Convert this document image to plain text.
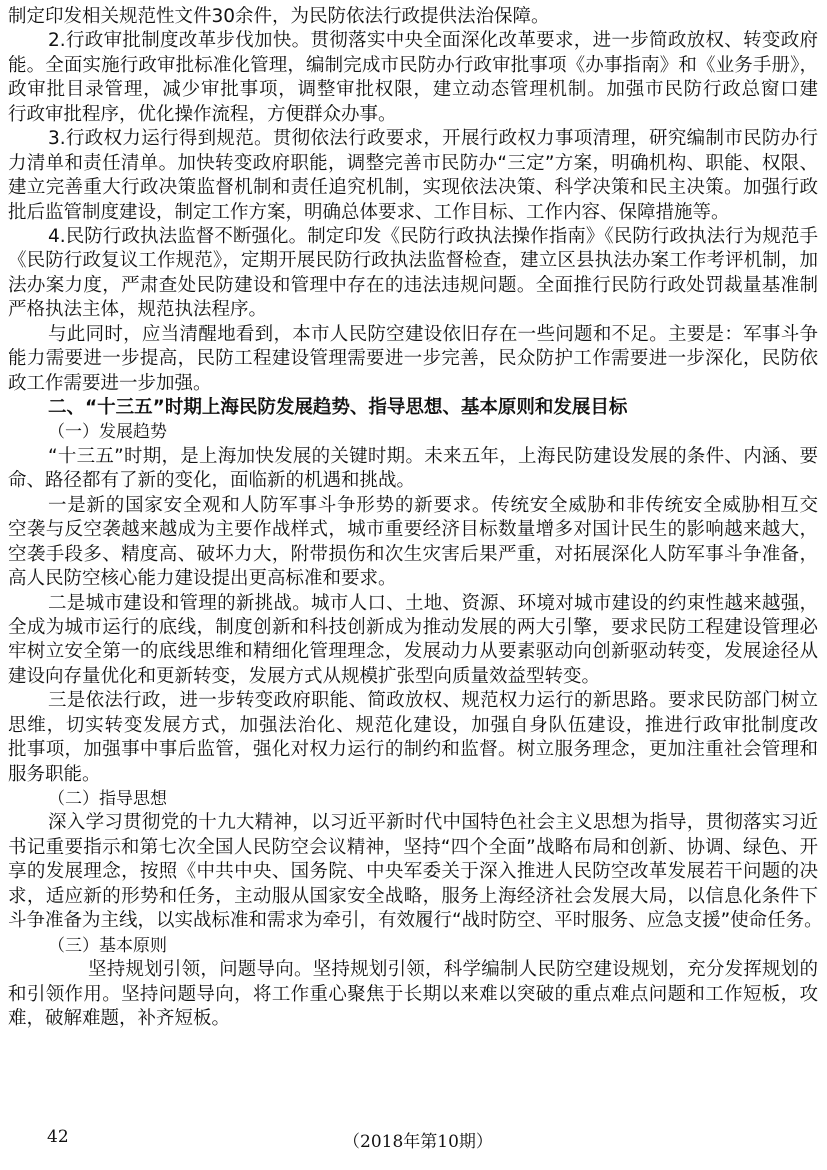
制定印发相关规范性文件30余件，为民防依法行政提供法治保障。
2.行政审批制度改革步伐加快。贯彻落实中央全面深化改革要求，进一步简政放权、转变政府
能。全面实施行政审批标准化管理，编制完成市民防办行政审批事项《办事指南》和《业务手册》，
政审批目录管理，减少审批事项，调整审批权限，建立动态管理机制。加强市民防行政总窗口建
行政审批程序，优化操作流程，方便群众办事。
3.行政权力运行得到规范。贯彻依法行政要求，开展行政权力事项清理，研究编制市民防办行
力清单和责任清单。加快转变政府职能，调整完善市民防办“三定”方案，明确机构、职能、权限、
建立完善重大行政决策监督机制和责任追究机制，实现依法决策、科学决策和民主决策。加强行政
批后监管制度建设，制定工作方案，明确总体要求、工作目标、工作内容、保障措施等。
4.民防行政执法监督不断强化。制定印发《民防行政执法操作指南》《民防行政执法行为规范手
《民防行政复议工作规范》，定期开展民防行政执法监督检查，建立区县执法办案工作考评机制，加
法办案力度，严肃查处民防建设和管理中存在的违法违规问题。全面推行民防行政处罚裁量基准制
严格执法主体，规范执法程序。
与此同时，应当清醒地看到，本市人民防空建设依旧存在一些问题和不足。主要是：军事斗争
能力需要进一步提高，民防工程建设管理需要进一步完善，民众防护工作需要进一步深化，民防依
政工作需要进一步加强。
二、“十三五”时期上海民防发展趋势、指导思想、基本原则和发展目标
（一）发展趋势
“十三五”时期，是上海加快发展的关键时期。未来五年，上海民防建设发展的条件、内涵、要
命、路径都有了新的变化，面临新的机遇和挑战。
一是新的国家安全观和人防军事斗争形势的新要求。传统安全威胁和非传统安全威胁相互交
空袭与反空袭越来越成为主要作战样式，城市重要经济目标数量增多对国计民生的影响越来越大，
空袭手段多、精度高、破坏力大，附带损伤和次生灾害后果严重，对拓展深化人防军事斗争准备，
高人民防空核心能力建设提出更高标准和要求。
二是城市建设和管理的新挑战。城市人口、土地、资源、环境对城市建设的约束性越来越强，
全成为城市运行的底线，制度创新和科技创新成为推动发展的两大引擎，要求民防工程建设管理必
牢树立安全第一的底线思维和精细化管理理念，发展动力从要素驱动向创新驱动转变，发展途径从
建设向存量优化和更新转变，发展方式从规模扩张型向质量效益型转变。
三是依法行政，进一步转变政府职能、简政放权、规范权力运行的新思路。要求民防部门树立
思维，切实转变发展方式，加强法治化、规范化建设，加强自身队伍建设，推进行政审批制度改
批事项，加强事中事后监管，强化对权力运行的制约和监督。树立服务理念，更加注重社会管理和
服务职能。
（二）指导思想
深入学习贯彻党的十九大精神，以习近平新时代中国特色社会主义思想为指导，贯彻落实习近
书记重要指示和第七次全国人民防空会议精神，坚持“四个全面”战略布局和创新、协调、绿色、开
享的发展理念，按照《中共中央、国务院、中央军委关于深入推进人民防空改革发展若干问题的决
求，适应新的形势和任务，主动服从国家安全战略，服务上海经济社会发展大局，以信息化条件下
斗争准备为主线，以实战标准和需求为牵引，有效履行“战时防空、平时服务、应急支援”使命任务。
（三）基本原则
坚持规划引领，问题导向。坚持规划引领，科学编制人民防空建设规划，充分发挥规划的
和引领作用。坚持问题导向，将工作重心聚焦于长期以来难以突破的重点难点问题和工作短板，攻
难，破解难题，补齐短板。
42	（2018年第10期）
